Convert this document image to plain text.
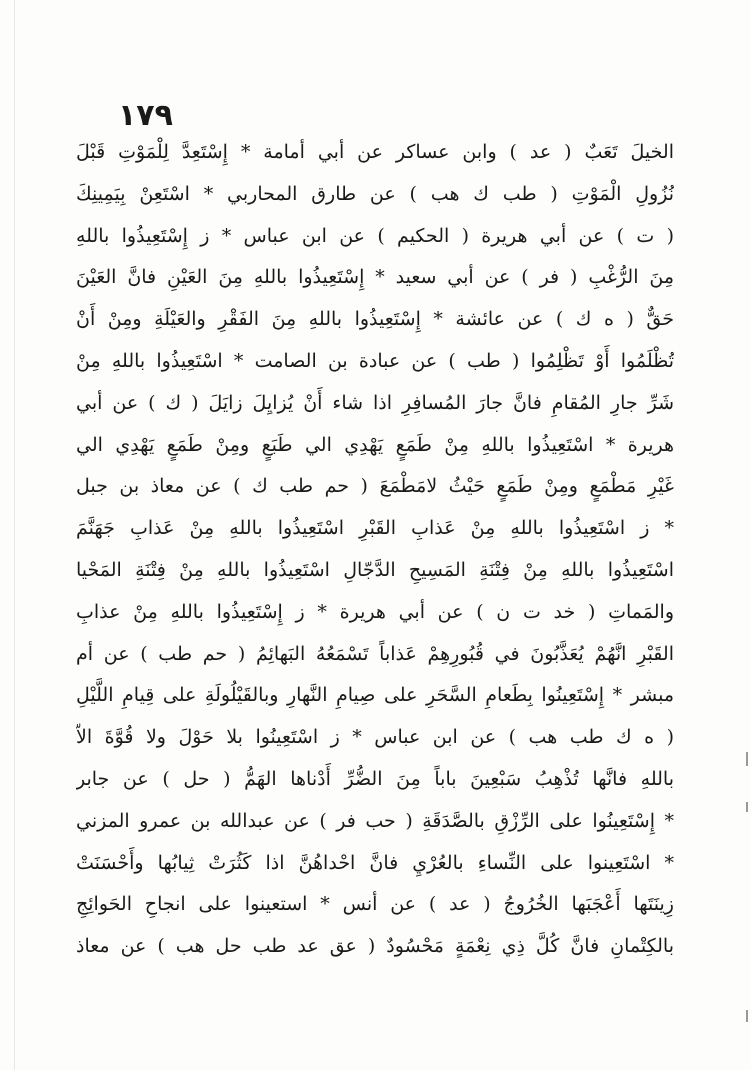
١٧٩
الخيلَ تَعَبٌ ( عد ) وابن عساكر عن أبي أمامة * إِسْتَعِدَّ لِلْمَوْتِ قَبْلَ
نُزُولِ الْمَوْتِ ( طب ك هب ) عن طارق المحاربي * اسْتَعِنْ بِيَمِينِكَ
( ت ) عن أبي هريرة ( الحكيم ) عن ابن عباس * ز إِسْتَعِيذُوا باللهِ
مِنَ الرُّغْبِ ( فر ) عن أبي سعيد * إِسْتَعِيذُوا باللهِ مِنَ العَيْنِ فانَّ العَيْنَ
حَقٌّ ( ه ك ) عن عائشة * إِسْتَعِيذُوا باللهِ مِنَ الفَقْرِ والعَيْلَةِ ومِنْ أَنْ
تُظْلَمُوا أَوْ تَظْلِمُوا ( طب ) عن عبادة بن الصامت * اسْتَعِيذُوا باللهِ مِنْ
شَرِّ جارِ المُقامِ فانَّ جارَ المُسافِرِ اذا شاء أَنْ يُزايِلَ زايَلَ ( ك ) عن أبي
هريرة * اسْتَعِيذُوا باللهِ مِنْ طَمَعٍ يَهْدِي الي طَبَعٍ ومِنْ طَمَعٍ يَهْدِي الي
غَيْرِ مَطْمَعٍ ومِنْ طَمَعٍ حَيْثُ لامَطْمَعَ ( حم طب ك ) عن معاذ بن جبل
* ز اسْتَعِيذُوا باللهِ مِنْ عَذابِ القَبْرِ اسْتَعِيذُوا باللهِ مِنْ عَذابِ جَهَنَّمَ
اسْتَعِيذُوا باللهِ مِنْ فِتْنَةِ المَسِيحِ الدَّجّالِ اسْتَعِيذُوا باللهِ مِنْ فِتْنَةِ المَحْيا
والمَماتِ ( خد ت ن ) عن أبي هريرة * ز إِسْتَعِيذُوا باللهِ مِنْ عذابِ
القَبْرِ انَّهُمْ يُعَذَّبُونَ في قُبُورِهِمْ عَذاباً تَسْمَعُهُ البَهائِمُ ( حم طب ) عن أم
مبشر * إِسْتَعِينُوا بِطَعامِ السَّحَرِ على صِيامِ النَّهارِ وبالقَيْلُولَةِ على قِيامِ اللَّيْلِ
( ه ك طب هب ) عن ابن عباس * ز اسْتَعِينُوا بلا حَوْلَ ولا قُوَّةَ الاّ
باللهِ فانَّها تُذْهِبُ سَبْعِينَ باباً مِنَ الضُّرِّ أَدْناها الهَمُّ ( حل ) عن جابر
* إِسْتَعِينُوا على الرِّزْقِ بالصَّدَقَةِ ( حب فر ) عن عبدالله بن عمرو المزني
* اسْتَعِينوا على النِّساءِ بالعُرْيِ فانَّ احْداهُنَّ اذا كَثُرَتْ ثِيابُها وأَحْسَنَتْ
زِينَتَها أَعْجَبَها الخُرُوجُ ( عد ) عن أنس * استعينوا على انجاحِ الحَوائِجِ
بالكِتْمانِ فانَّ كُلَّ ذِي نِعْمَةٍ مَحْسُودٌ ( عق عد طب حل هب ) عن معاذ
